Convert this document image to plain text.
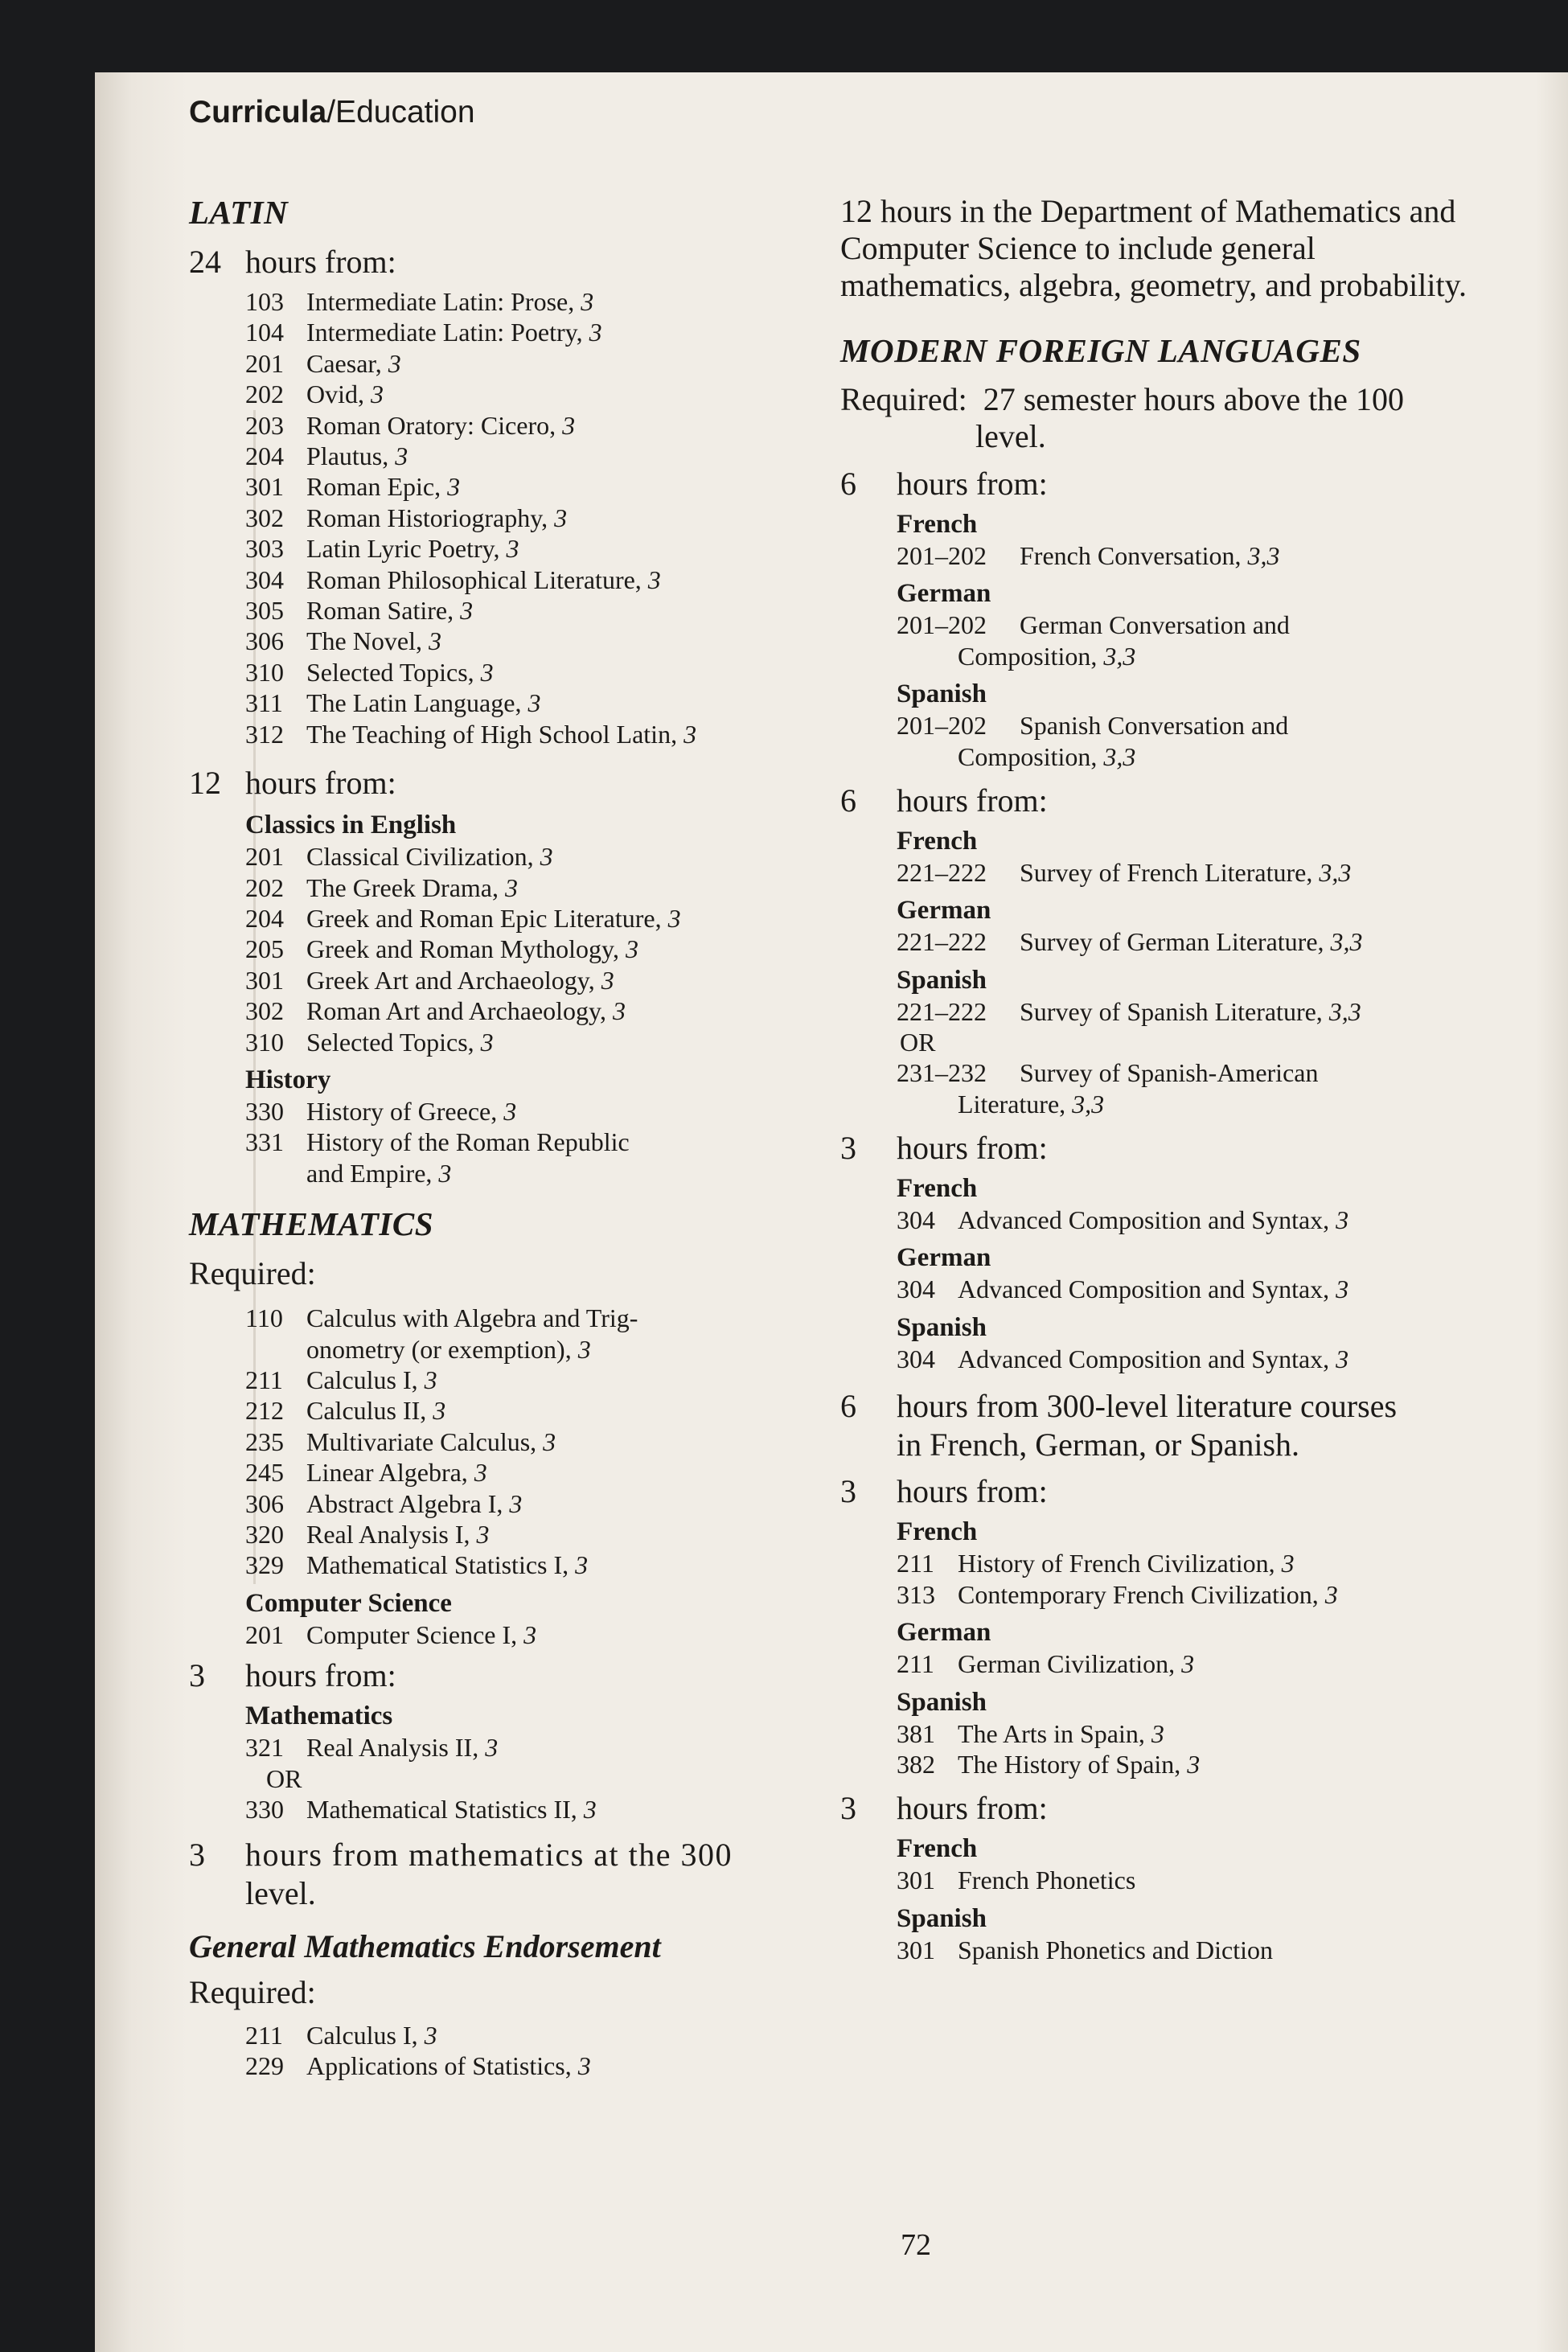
Curricula/Education
LATIN
24 hours from:
103 Intermediate Latin: Prose, 3
104 Intermediate Latin: Poetry, 3
201 Caesar, 3
202 Ovid, 3
203 Roman Oratory: Cicero, 3
204 Plautus, 3
301 Roman Epic, 3
302 Roman Historiography, 3
303 Latin Lyric Poetry, 3
304 Roman Philosophical Literature, 3
305 Roman Satire, 3
306 The Novel, 3
310 Selected Topics, 3
311 The Latin Language, 3
312 The Teaching of High School Latin, 3
12 hours from:
Classics in English
201 Classical Civilization, 3
202 The Greek Drama, 3
204 Greek and Roman Epic Literature, 3
205 Greek and Roman Mythology, 3
301 Greek Art and Archaeology, 3
302 Roman Art and Archaeology, 3
310 Selected Topics, 3
History
330 History of Greece, 3
331 History of the Roman Republic
and Empire, 3
MATHEMATICS
Required:
110 Calculus with Algebra and Trig-
onometry (or exemption), 3
211 Calculus I, 3
212 Calculus II, 3
235 Multivariate Calculus, 3
245 Linear Algebra, 3
306 Abstract Algebra I, 3
320 Real Analysis I, 3
329 Mathematical Statistics I, 3
Computer Science
201 Computer Science I, 3
3	hours from:
Mathematics
321 Real Analysis II, 3
OR
330 Mathematical Statistics II, 3
3	hours from mathematics at the 300
level.
General Mathematics Endorsement
Required:
211 Calculus I, 3
229 Applications of Statistics, 3
12 hours in the Department of Mathematics and Computer Science to include general mathematics, algebra, geometry, and probability.
MODERN FOREIGN LANGUAGES
Required: 27 semester hours above the 100
level.
6	hours from:
French
201–202	French Conversation, 3,3
German
201–202	German Conversation and
Composition, 3,3
Spanish
201–202	Spanish Conversation and
Composition, 3,3
6	hours from:
French
221–222	Survey of French Literature, 3,3
German
221–222	Survey of German Literature, 3,3
Spanish
221–222	Survey of Spanish Literature, 3,3
OR
231–232	Survey of Spanish-American
Literature, 3,3
3	hours from:
French
304 Advanced Composition and Syntax, 3
German
304 Advanced Composition and Syntax, 3
Spanish
304 Advanced Composition and Syntax, 3
6	hours from 300-level literature courses
in French, German, or Spanish.
3	hours from:
French
211 History of French Civilization, 3
313 Contemporary French Civilization, 3
German
211 German Civilization, 3
Spanish
381 The Arts in Spain, 3
382 The History of Spain, 3
3	hours from:
French
301 French Phonetics
Spanish
301 Spanish Phonetics and Diction
72
